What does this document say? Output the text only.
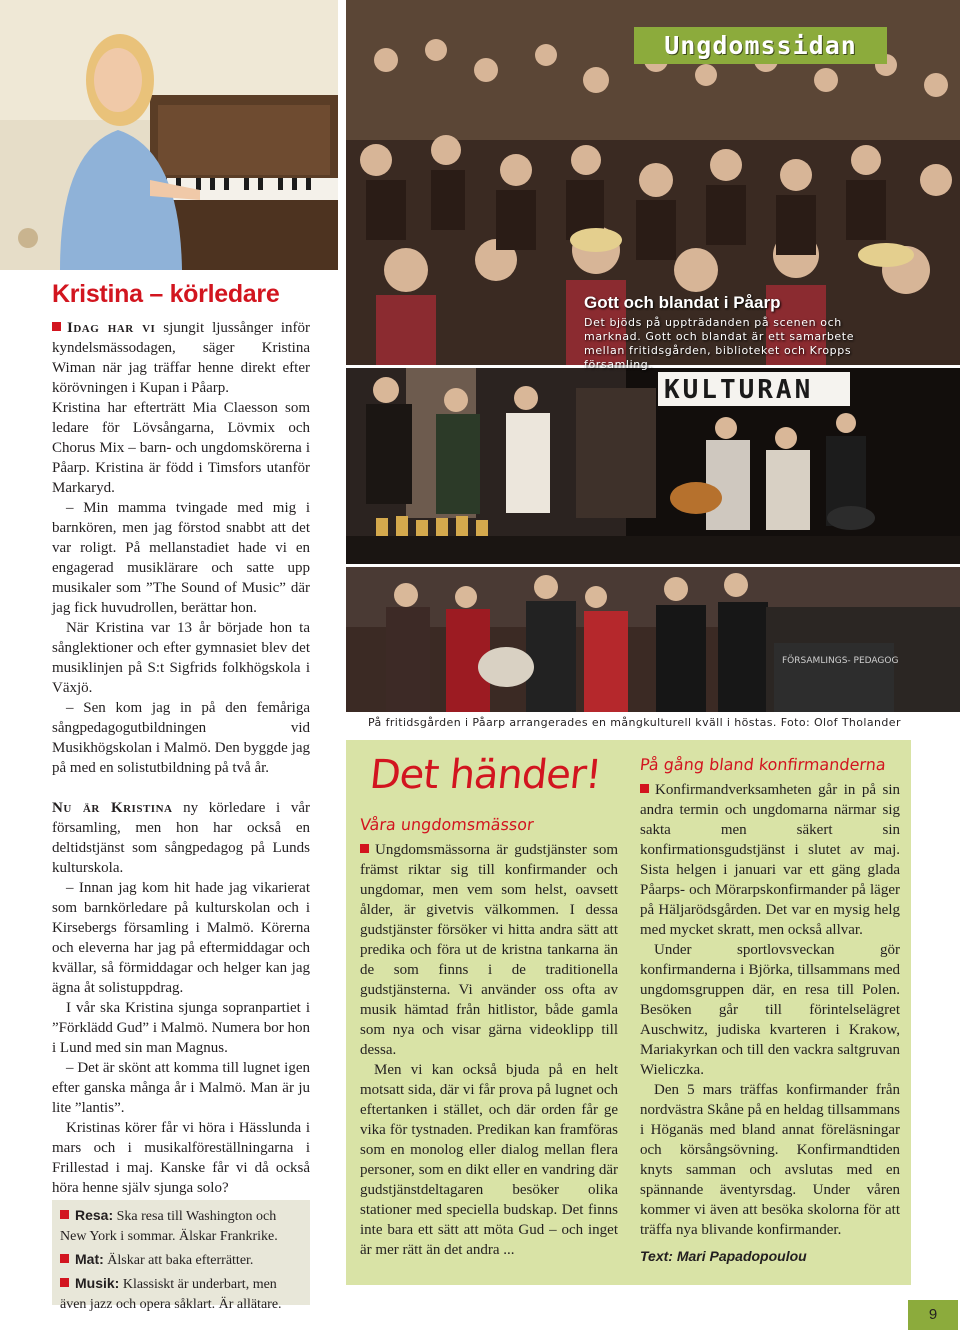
KULTURAN
FÖRSAMLINGS- PEDAGOG
Ungdomssidan
Gott och blandat i Påarp
Det bjöds på uppträdanden på scenen och marknad. Gott och blandat är ett samarbete mellan fritidsgården, biblioteket och Kropps församling.
På fritidsgården i Påarp arrangerades en mångkulturell kväll i höstas. Foto: Olof Tholander
Kristina – körledare

Idag har vi sjungit ljussånger inför kyndelsmässodagen, säger Kristina Wiman när jag träffar henne direkt efter körövningen i Kupan i Påarp.

Kristina har efterträtt Mia Claesson som ledare för Lövsångarna, Lövmix och Chorus Mix – barn- och ungdomskörerna i Påarp. Kristina är född i Timsfors utanför Markaryd.

– Min mamma tvingade med mig i barnkören, men jag förstod snabbt att det var roligt. På mellanstadiet hade vi en engagerad musiklärare och satte upp musikaler som ”The Sound of Music” där jag fick huvudrollen, berättar hon.

När Kristina var 13 år började hon ta sånglektioner och efter gymnasiet blev det musiklinjen på S:t Sigfrids folkhögskola i Växjö.

– Sen kom jag in på den femåriga sångpedagogutbildningen vid Musikhögskolan i Malmö. Den byggde jag på med en solistutbildning på två år.

Nu är Kristina ny körledare i vår församling, men hon har också en deltidstjänst som sångpedagog på Lunds kulturskola.

– Innan jag kom hit hade jag vikarierat som barnkörledare på kulturskolan och i Kirsebergs församling i Malmö. Körerna och eleverna har jag på eftermiddagar och kvällar, så förmiddagar och helger kan jag ägna åt solistuppdrag.

I vår ska Kristina sjunga sopranpartiet i ”Förklädd Gud” i Malmö. Numera bor hon i Lund med sin man Magnus.

– Det är skönt att komma till lugnet igen efter ganska många år i Malmö. Man är ju lite ”lantis”.

Kristinas körer får vi höra i Hässlunda i mars och i musikalföreställningarna i Frillestad i maj. Kanske får vi då också höra henne själv sjunga solo?

Resa: Ska resa till Washington och New York i sommar. Älskar Frankrike.

Mat: Älskar att baka efterrätter.

Musik: Klassiskt är underbart, men även jazz och opera såklart. Är allätare.

Det händer!
Våra ungdomsmässor

Ungdomsmässorna är gudstjänster som främst riktar sig till konfirmander och ungdomar, men vem som helst, oavsett ålder, är givetvis välkommen. I dessa gudstjänster försöker vi hitta andra sätt att predika och föra ut de kristna tankarna än de som finns i de traditionella gudstjänsterna. Vi använder oss ofta av musik hämtad från hitlistor, både gamla som nya och visar gärna videoklipp till dessa.

Men vi kan också bjuda på en helt motsatt sida, där vi får prova på lugnet och eftertanken i stället, och där orden får ge vika för tystnaden. Predikan kan framföras som en monolog eller dialog mellan flera personer, som en dikt eller en vandring där gudstjänstdeltagaren besöker olika stationer med speciella budskap. Det finns inte bara ett sätt att möta Gud – och inget är mer rätt än det andra ...

På gång bland konfirmanderna

Konfirmandverksamheten går in på sin andra termin och ungdomarna närmar sig sakta men säkert sin konfirmationsgudstjänst i slutet av maj. Sista helgen i januari var ett gäng glada Påarps- och Mörarpskonfirmander på läger på Häljarödsgården. Det var en mysig helg med mycket skratt, men också allvar.

Under sportlovsveckan gör konfirmanderna i Björka, tillsammans med ungdomsgruppen där, en resa till Polen. Besöken går till förintelselägret Auschwitz, judiska kvarteren i Krakow, Mariakyrkan och till den vackra saltgruvan Wieliczka.

Den 5 mars träffas konfirmander från nordvästra Skåne på en heldag tillsammans i Höganäs med bland annat föreläsningar och körsångsövning. Konfirmandtiden knyts samman och avslutas med en spännande äventyrsdag. Under våren kommer vi även att besöka skolorna för att träffa nya blivande konfirmander.

Text: Mari Papadopoulou
9
